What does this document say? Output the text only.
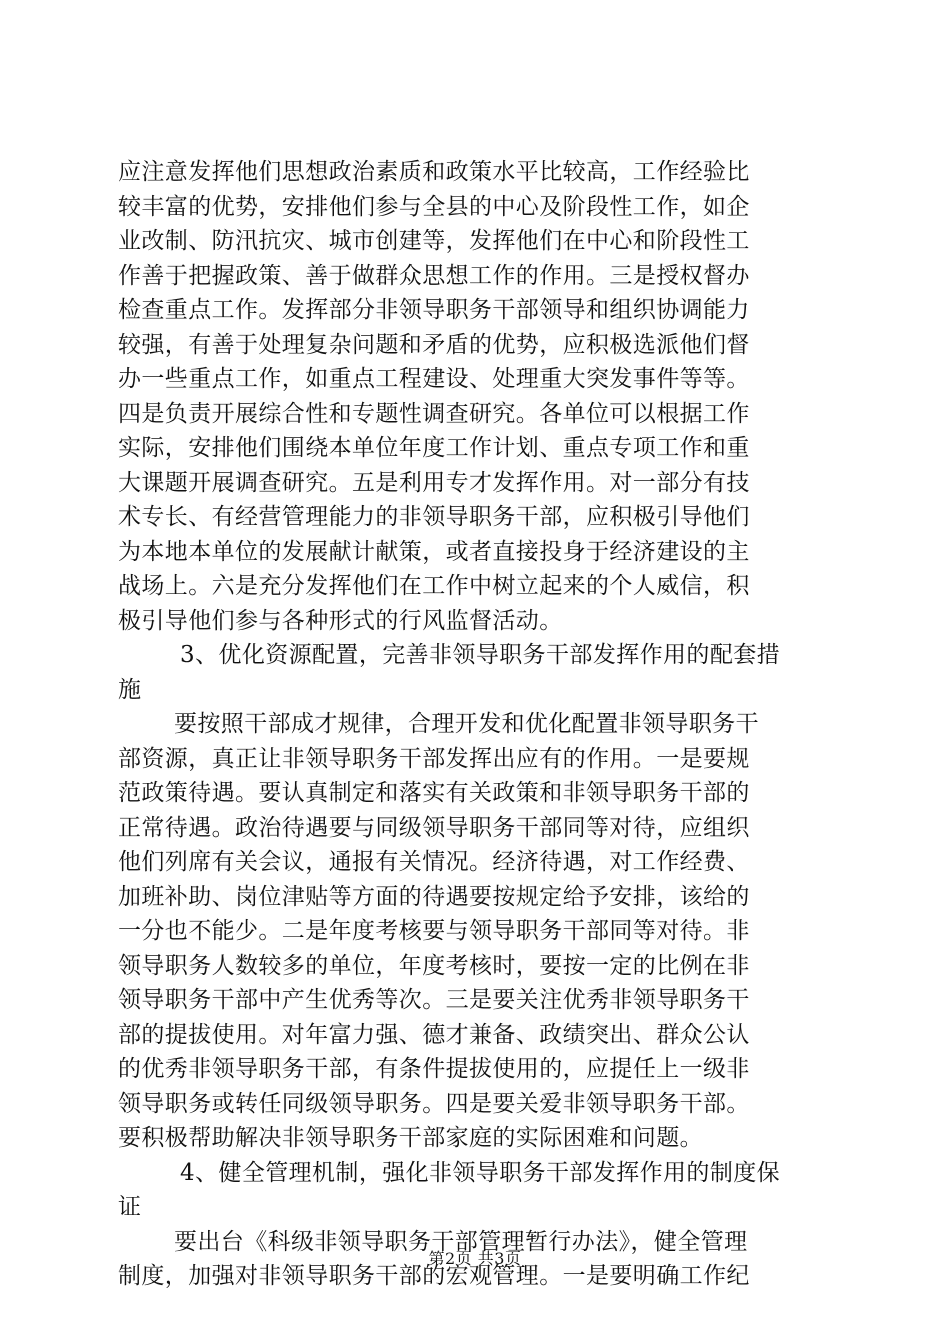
应注意发挥他们思想政治素质和政策水平比较高，工作经验比
较丰富的优势，安排他们参与全县的中心及阶段性工作，如企
业改制、防汛抗灾、城市创建等，发挥他们在中心和阶段性工
作善于把握政策、善于做群众思想工作的作用。三是授权督办
检查重点工作。发挥部分非领导职务干部领导和组织协调能力
较强，有善于处理复杂问题和矛盾的优势，应积极选派他们督
办一些重点工作，如重点工程建设、处理重大突发事件等等。
四是负责开展综合性和专题性调查研究。各单位可以根据工作
实际，安排他们围绕本单位年度工作计划、重点专项工作和重
大课题开展调查研究。五是利用专才发挥作用。对一部分有技
术专长、有经营管理能力的非领导职务干部，应积极引导他们
为本地本单位的发展献计献策，或者直接投身于经济建设的主
战场上。六是充分发挥他们在工作中树立起来的个人威信，积
极引导他们参与各种形式的行风监督活动。
3、优化资源配置，完善非领导职务干部发挥作用的配套措
施
要按照干部成才规律，合理开发和优化配置非领导职务干
部资源，真正让非领导职务干部发挥出应有的作用。一是要规
范政策待遇。要认真制定和落实有关政策和非领导职务干部的
正常待遇。政治待遇要与同级领导职务干部同等对待，应组织
他们列席有关会议，通报有关情况。经济待遇，对工作经费、
加班补助、岗位津贴等方面的待遇要按规定给予安排，该给的
一分也不能少。二是年度考核要与领导职务干部同等对待。非
领导职务人数较多的单位，年度考核时，要按一定的比例在非
领导职务干部中产生优秀等次。三是要关注优秀非领导职务干
部的提拔使用。对年富力强、德才兼备、政绩突出、群众公认
的优秀非领导职务干部，有条件提拔使用的，应提任上一级非
领导职务或转任同级领导职务。四是要关爱非领导职务干部。
要积极帮助解决非领导职务干部家庭的实际困难和问题。
4、健全管理机制，强化非领导职务干部发挥作用的制度保
证
要出台《科级非领导职务干部管理暂行办法》，健全管理
制度，加强对非领导职务干部的宏观管理。一是要明确工作纪
第2页 共3页
